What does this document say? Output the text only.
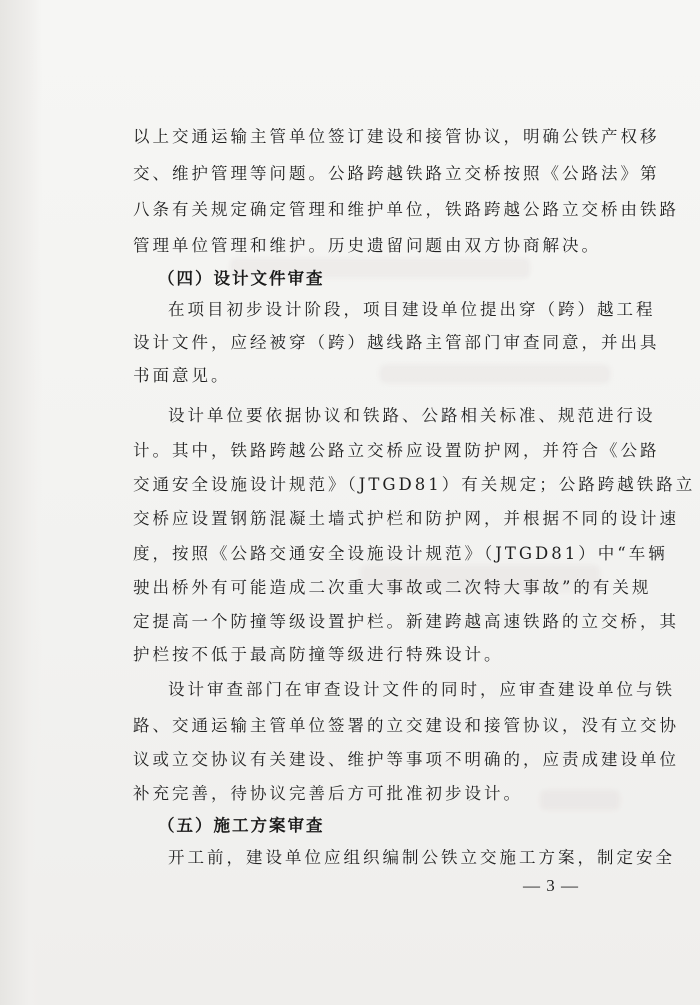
以上交通运输主管单位签订建设和接管协议，明确公铁产权移
交、维护管理等问题。公路跨越铁路立交桥按照《公路法》第
八条有关规定确定管理和维护单位，铁路跨越公路立交桥由铁路
管理单位管理和维护。历史遗留问题由双方协商解决。
（四）设计文件审查
在项目初步设计阶段，项目建设单位提出穿（跨）越工程
设计文件，应经被穿（跨）越线路主管部门审查同意，并出具
书面意见。
设计单位要依据协议和铁路、公路相关标准、规范进行设
计。其中，铁路跨越公路立交桥应设置防护网，并符合《公路
交通安全设施设计规范》（JTGD81）有关规定；公路跨越铁路立
交桥应设置钢筋混凝土墙式护栏和防护网，并根据不同的设计速
度，按照《公路交通安全设施设计规范》（JTGD81）中“车辆
驶出桥外有可能造成二次重大事故或二次特大事故”的有关规
定提高一个防撞等级设置护栏。新建跨越高速铁路的立交桥，其
护栏按不低于最高防撞等级进行特殊设计。
设计审查部门在审查设计文件的同时，应审查建设单位与铁
路、交通运输主管单位签署的立交建设和接管协议，没有立交协
议或立交协议有关建设、维护等事项不明确的，应责成建设单位
补充完善，待协议完善后方可批准初步设计。
（五）施工方案审查
开工前，建设单位应组织编制公铁立交施工方案，制定安全
— 3 —
